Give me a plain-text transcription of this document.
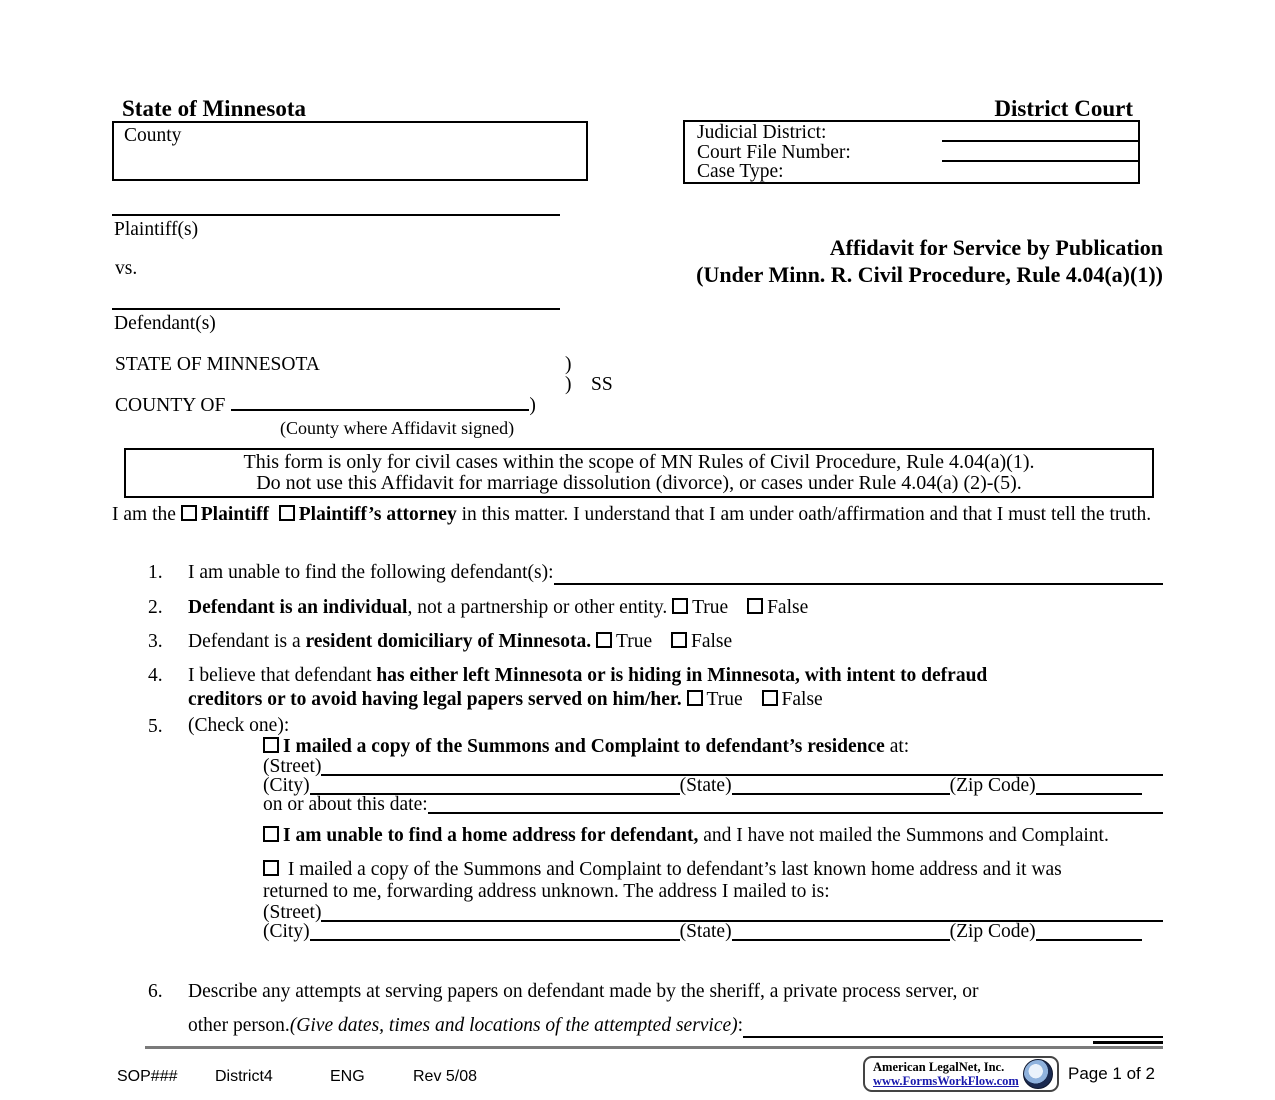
State of Minnesota	District Court
County	Judicial District:
Court File Number:
Case Type:
Plaintiff(s)
vs.
Defendant(s)
Affidavit for Service by Publication
(Under Minn. R. Civil Procedure, Rule 4.04(a)(1))
STATE OF MINNESOTA	)
) SS
COUNTY OF	)
(County where Affidavit signed)
This form is only for civil cases within the scope of MN Rules of Civil Procedure, Rule 4.04(a)(1).
Do not use this Affidavit for marriage dissolution (divorce), or cases under Rule 4.04(a) (2)-(5).
I am the Plaintiff Plaintiff’s attorney in this matter. I understand that I am under oath/affirmation and that I must tell the truth.
1.	I am unable to find the following defendant(s):
2.	Defendant is an individual, not a partnership or other entity. True False
3.	Defendant is a resident domiciliary of Minnesota. True False
4.	I believe that defendant has either left Minnesota or is hiding in Minnesota, with intent to defraud
creditors or to avoid having legal papers served on him/her. True False
5.	(Check one):
I mailed a copy of the Summons and Complaint to defendant’s residence at:
(Street)
(City)	(State)	(Zip Code)
on or about this date:
I am unable to find a home address for defendant, and I have not mailed the Summons and Complaint.
I mailed a copy of the Summons and Complaint to defendant’s last known home address and it was returned to me, forwarding address unknown. The address I mailed to is:
(Street)
(City)	(State)	(Zip Code)
6.	Describe any attempts at serving papers on defendant made by the sheriff, a private process server, or
other person. (Give dates, times and locations of the attempted service) :
SOP### District4	ENG	Rev 5/08
American LegalNet, Inc.
www.FormsWorkFlow.com	Page 1 of 2
